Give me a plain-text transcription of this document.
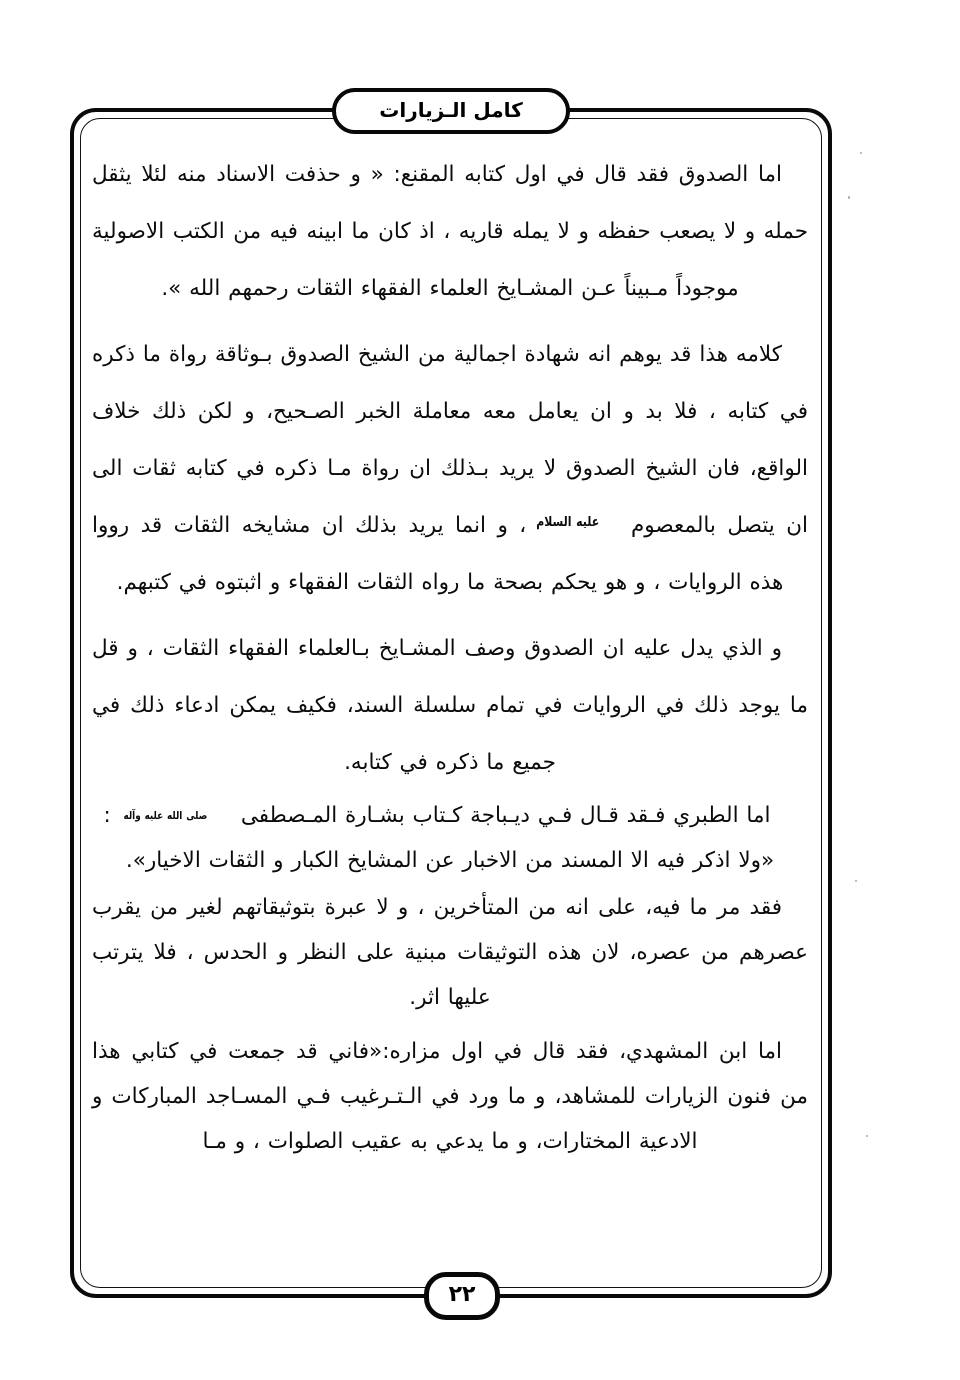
كامل الـزيارات

اما الصدوق فقد قال في اول كتابه المقنع: « و حذفت الاسناد منه لئلا يثقل حمله و لا يصعب حفظه و لا يمله قاريه ، اذ كان ما ابينه فيه من الكتب الاصولية موجوداً مـبيناً عـن المشـايخ العلماء الفقهاء الثقات رحمهم الله ».

كلامه هذا قد يوهم انه شهادة اجمالية من الشيخ الصدوق بـوثاقة رواة ما ذكره في كتابه ، فلا بد و ان يعامل معه معاملة الخبر الصـحيح، و لكن ذلك خلاف الواقع، فان الشيخ الصدوق لا يريد بـذلك ان رواة مـا ذكره في كتابه ثقات الى ان يتصل بالمعصومعليه السلام، و انما يريد بذلك ان مشايخه الثقات قد رووا هذه الروايات ، و هو يحكم بصحة ما رواه الثقات الفقهاء و اثبتوه في كتبهم.

و الذي يدل عليه ان الصدوق وصف المشـايخ بـالعلماء الفقهاء الثقات ، و قل ما يوجد ذلك في الروايات في تمام سلسلة السند، فكيف يمكن ادعاء ذلك في جميع ما ذكره في كتابه.

اما الطبري فـقد قـال فـي ديـباجة كـتاب بشـارة المـصطفىصلى الله عليه وآله:

«ولا اذكر فيه الا المسند من الاخبار عن المشايخ الكبار و الثقات الاخيار».

فقد مر ما فيه، على انه من المتأخرين ، و لا عبرة بتوثيقاتهم لغير من يقرب عصرهم من عصره، لان هذه التوثيقات مبنية على النظر و الحدس ، فلا يترتب عليها اثر.

اما ابن المشهدي، فقد قال في اول مزاره:«فاني قد جمعت في كتابي هذا من فنون الزيارات للمشاهد، و ما ورد في الـتـرغيب فـي المسـاجد المباركات و الادعية المختارات، و ما يدعي به عقيب الصلوات ، و مـا

٢٢
